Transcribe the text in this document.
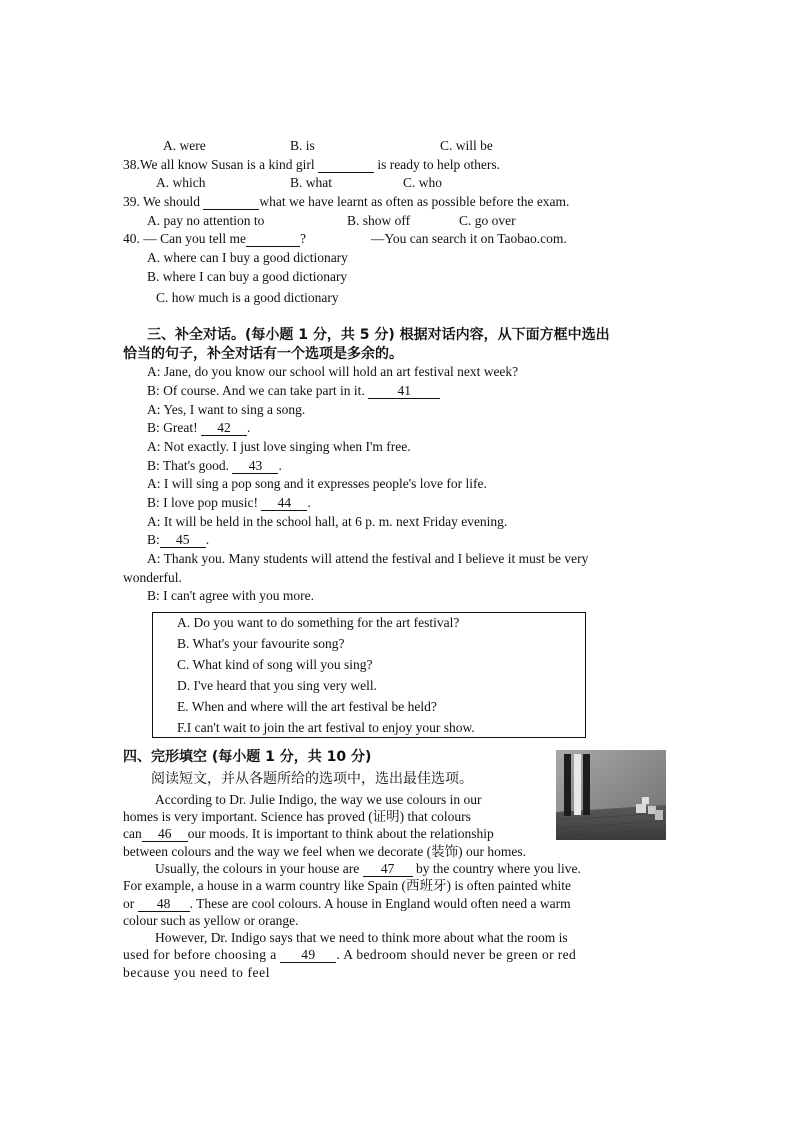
A. were	B. is	C. will be
38.We all know Susan is a kind girl	is ready to help others.
A. which	B. what	C. who
39. We should	what we have learnt as often as possible before the exam.
A. pay no attention to	B. show off	C. go over
40. — Can you tell me	?	—You can search it on Taobao.com.
A. where can I buy a good dictionary
B. where I can buy a good dictionary
C. how much is a good dictionary
三、补全对话。(每小题 1 分，共 5 分) 根据对话内容，从下面方框中选出
恰当的句子，补全对话有一个选项是多余的。
A: Jane, do you know our school will hold an art festival next week?
B: Of course. And we can take part in it. 41
A: Yes, I want to sing a song.
B: Great! 42 .
A: Not exactly. I just love singing when I'm free.
B: That's good. 43 .
A: I will sing a pop song and it expresses people's love for life.
B: I love pop music! 44 .
A: It will be held in the school hall, at 6 p. m. next Friday evening.
B: 45 .
A: Thank you. Many students will attend the festival and I believe it must be very
wonderful.
B: I can't agree with you more.
A. Do you want to do something for the art festival?
B. What's your favourite song?
C. What kind of song will you sing?
D. I've heard that you sing very well.
E. When and where will the art festival be held?
F.I can't wait to join the art festival to enjoy your show.
四、完形填空 (每小题 1 分，共 10 分)
阅读短文，并从各题所给的选项中，选出最佳选项。
According to Dr. Julie Indigo, the way we use colours in our
homes is very important. Science has proved (证明) that colours
can 46 our moods. It is important to think about the relationship
between colours and the way we feel when we decorate (装饰) our homes.
Usually, the colours in your house are 47 by the country where you live.
For example, a house in a warm country like Spain (西班牙) is often painted white
or 48 . These are cool colours. A house in England would often need a warm
colour such as yellow or orange.
However, Dr. Indigo says that we need to think more about what the room is
used for before choosing a 49 . A bedroom should never be green or red
because you need to feel
